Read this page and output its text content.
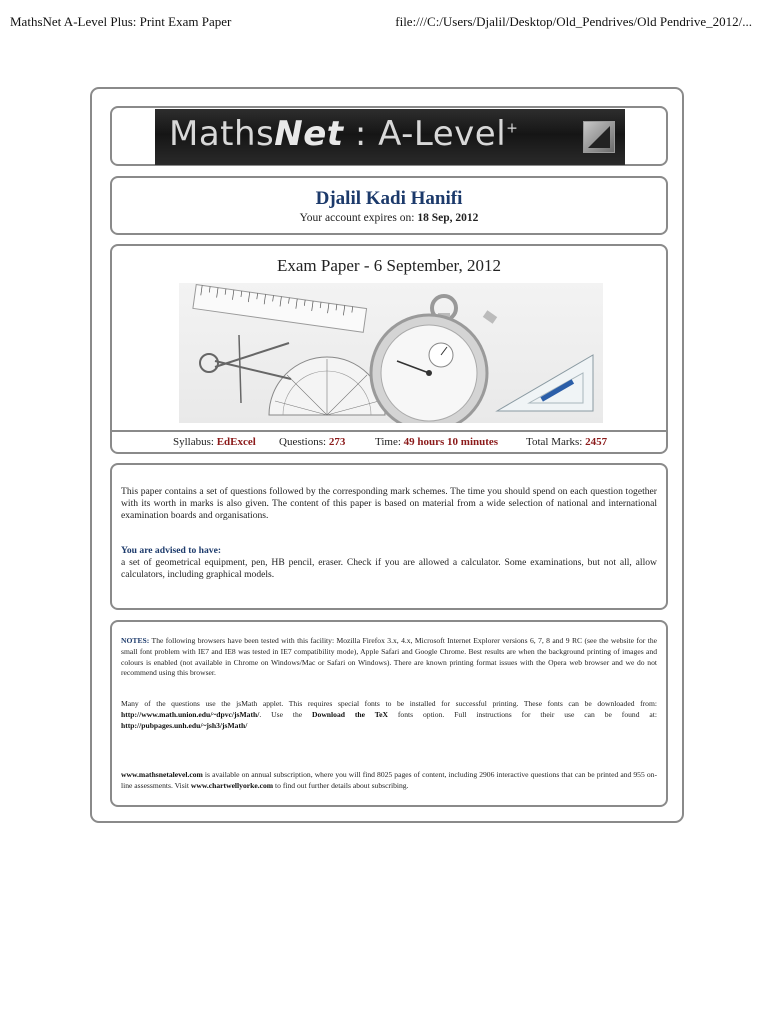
MathsNet A-Level Plus: Print Exam Paper	file:///C:/Users/Djalil/Desktop/Old_Pendrives/Old Pendrive_2012/...
MathsNet : A-Level+
Djalil Kadi Hanifi
Your account expires on: 18 Sep, 2012
Exam Paper - 6 September, 2012
Syllabus: EdExcel Questions: 273	Time: 49 hours 10 minutes	Total Marks: 2457
This paper contains a set of questions followed by the corresponding mark schemes. The time you should spend on each question together with its worth in marks is also given. The content of this paper is based on material from a wide selection of national and international examination boards and organisations.
You are advised to have:
a set of geometrical equipment, pen, HB pencil, eraser. Check if you are allowed a calculator. Some examinations, but not all, allow calculators, including graphical models.
NOTES: The following browsers have been tested with this facility: Mozilla Firefox 3.x, 4.x, Microsoft Internet Explorer versions 6, 7, 8 and 9 RC (see the website for the small font problem with IE7 and IE8 was tested in IE7 compatibility mode), Apple Safari and Google Chrome. Best results are when the background printing of images and colours is enabled (not available in Chrome on Windows/Mac or Safari on Windows). There are known printing format issues with the Opera web browser and we do not recommend using this browser.
Many of the questions use the jsMath applet. This requires special fonts to be installed for successful printing. These fonts can be downloaded from: http://www.math.union.edu/~dpvc/jsMath/. Use the Download the TeX fonts option. Full instructions for their use can be found at: http://pubpages.unh.edu/~jsh3/jsMath/
www.mathsnetalevel.com is available on annual subscription, where you will find 8025 pages of content, including 2906 interactive questions that can be printed and 955 on-line assessments. Visit www.chartwellyorke.com to find out further details about subscribing.
